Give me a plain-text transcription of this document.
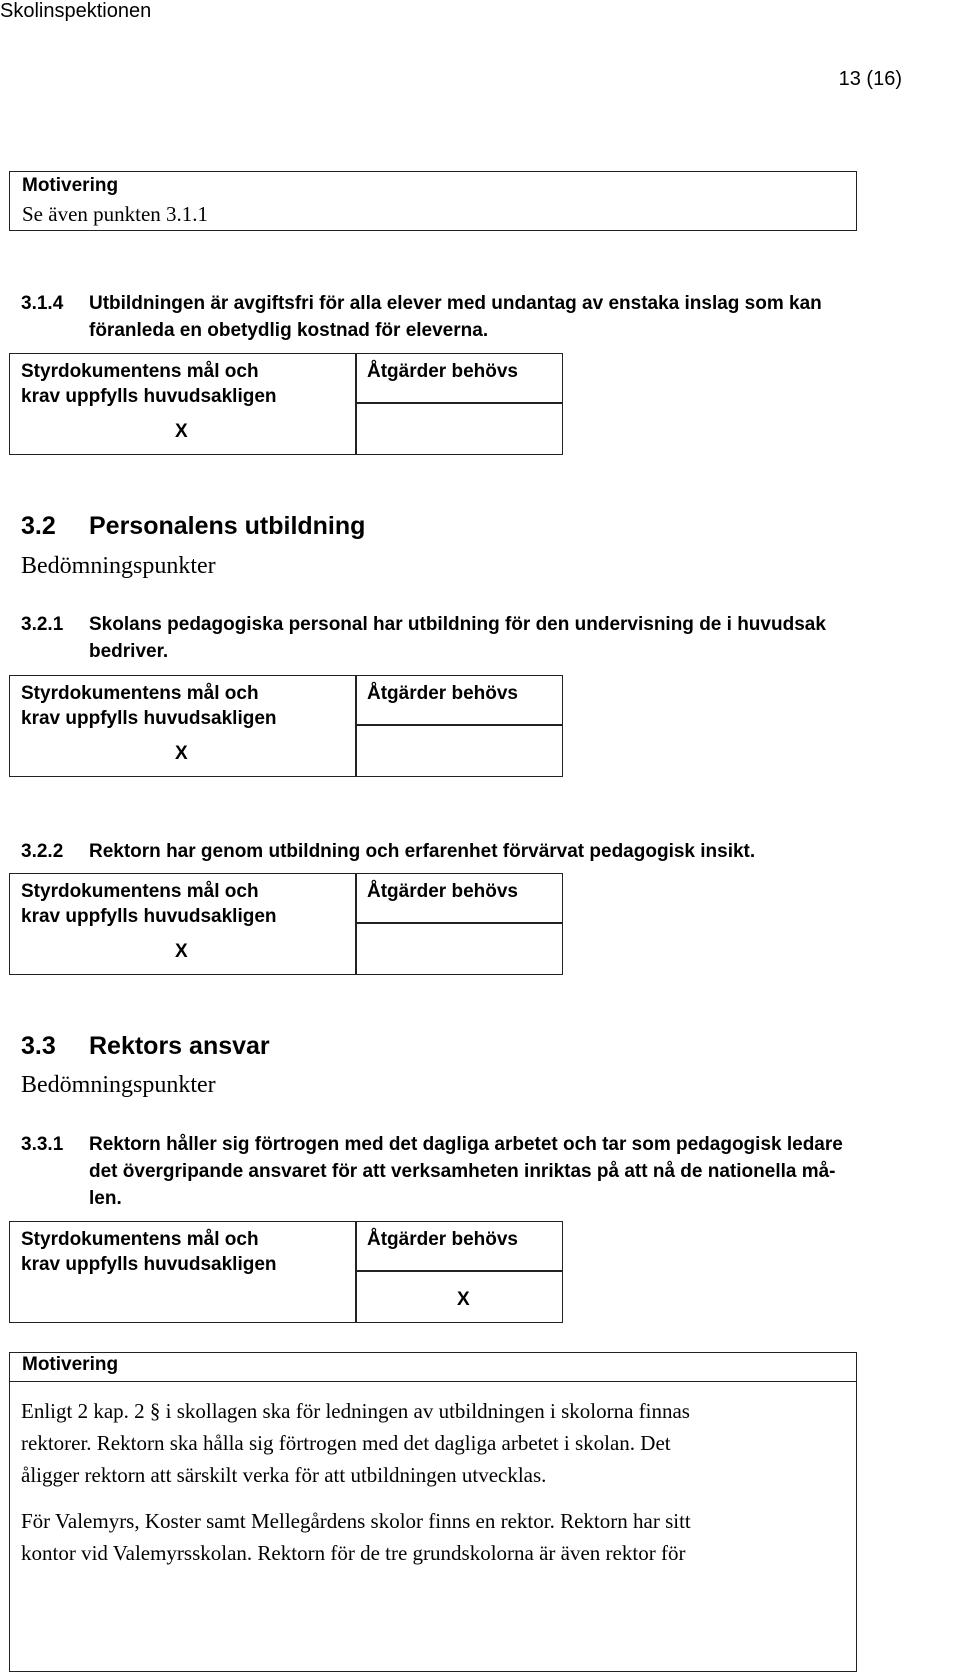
Skolinspektionen
13 (16)
Motivering
Se även punkten 3.1.1
3.1.4 Utbildningen är avgiftsfri för alla elever med undantag av enstaka inslag som kan
föranleda en obetydlig kostnad för eleverna.
Styrdokumentens mål och
krav uppfylls huvudsakligen
Åtgärder behövs
X
3.2 Personalens utbildning
Bedömningspunkter
3.2.1 Skolans pedagogiska personal har utbildning för den undervisning de i huvudsak
bedriver.
Styrdokumentens mål och
krav uppfylls huvudsakligen
Åtgärder behövs
X
3.2.2 Rektorn har genom utbildning och erfarenhet förvärvat pedagogisk insikt.
Styrdokumentens mål och
krav uppfylls huvudsakligen
Åtgärder behövs
X
3.3 Rektors ansvar
Bedömningspunkter
3.3.1 Rektorn håller sig förtrogen med det dagliga arbetet och tar som pedagogisk ledare
det övergripande ansvaret för att verksamheten inriktas på att nå de nationella må-
len.
Styrdokumentens mål och
krav uppfylls huvudsakligen
Åtgärder behövs
X
Motivering
Enligt 2 kap. 2 § i skollagen ska för ledningen av utbildningen i skolorna finnas
rektorer. Rektorn ska hålla sig förtrogen med det dagliga arbetet i skolan. Det
åligger rektorn att särskilt verka för att utbildningen utvecklas.
För Valemyrs, Koster samt Mellegårdens skolor finns en rektor. Rektorn har sitt
kontor vid Valemyrsskolan. Rektorn för de tre grundskolorna är även rektor för
